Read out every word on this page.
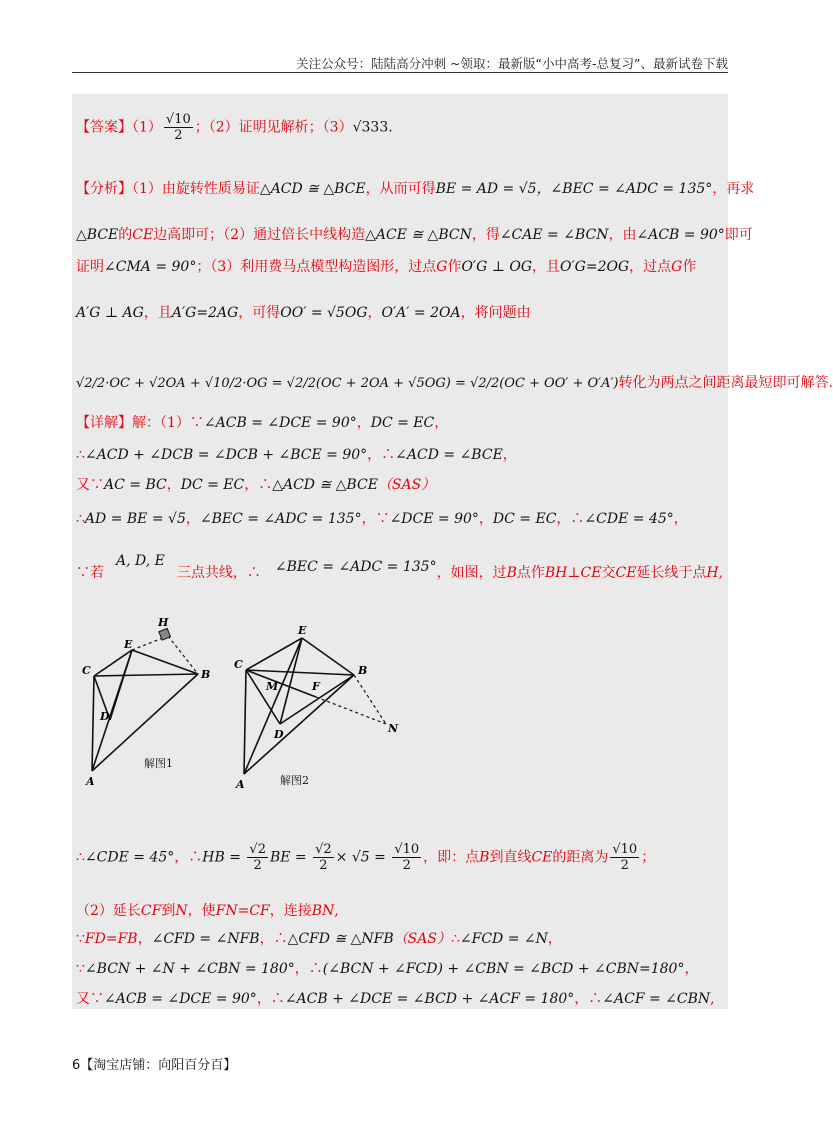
关注公众号：陆陆高分冲刺 ~领取：最新版“小中高考-总复习”、最新试卷下载
【答案】$(1) \frac{√10}{2}$ ；（2）证明见解析；（3）√333.
【分析】（1）由旋转性质易证△ACD ≅ △BCE，从而可得BE = AD = √5，∠BEC = ∠ADC = 135°，再求
△BCE的CE边高即可；（2）通过倍长中线构造△ACE ≅ △BCN，得∠CAE = ∠BCN，由∠ACB = 90°即可
证明∠CMA = 90°；（3）利用费马点模型构造图形，过点G作O′G ⊥ OG，且O′G=2OG，过点G作
A′G ⊥ AG，且A′G=2AG，可得OO′ = √5OG，O′A′ = 2OA，将问题由
√2/2·OC + √2OA + √10/2·OG = √2/2(OC + 2OA + √5OG) = √2/2(OC + OO′ + O′A′)转化为两点之间距离最短即可解答.
【详解】解：（1）∵∠ACB = ∠DCE = 90°，DC = EC，
∴∠ACD + ∠DCB = ∠DCB + ∠BCE = 90°，∴∠ACD = ∠BCE，
又∵AC = BC，DC = EC，∴△ACD ≅ △BCE（SAS）
∴AD = BE = √5，∠BEC = ∠ADC = 135°，∵∠DCE = 90°，DC = EC，∴∠CDE = 45°，
∵若A, D, E三点共线，∴ ∠BEC = ∠ADC = 135°，如图，过B点作BH⊥CE交CE延长线于点H,
∴∠CDE = 45°，∴HB = $\frac{√2}{2}$ BE = $\frac{√2}{2} \times √5 = \frac{√10}{2}$ ，即：点B到直线CE的距离为 $\frac{√10}{2}$ ；
（2）延长CF到N，使FN=CF，连接BN,
∵FD=FB，∠CFD = ∠NFB，∴△CFD ≅ △NFB（SAS）∴∠FCD = ∠N，
∵∠BCN + ∠N + ∠CBN = 180°，∴(∠BCN + ∠FCD) + ∠CBN = ∠BCD + ∠CBN=180°，
又∵∠ACB = ∠DCE = 90°，∴∠ACB + ∠DCE = ∠BCD + ∠ACF = 180°，∴∠ACF = ∠CBN,
H
E
C	B
D
A
解图1
E
C	B
M	F
D	N
A	解图2
6【淘宝店铺：向阳百分百】
